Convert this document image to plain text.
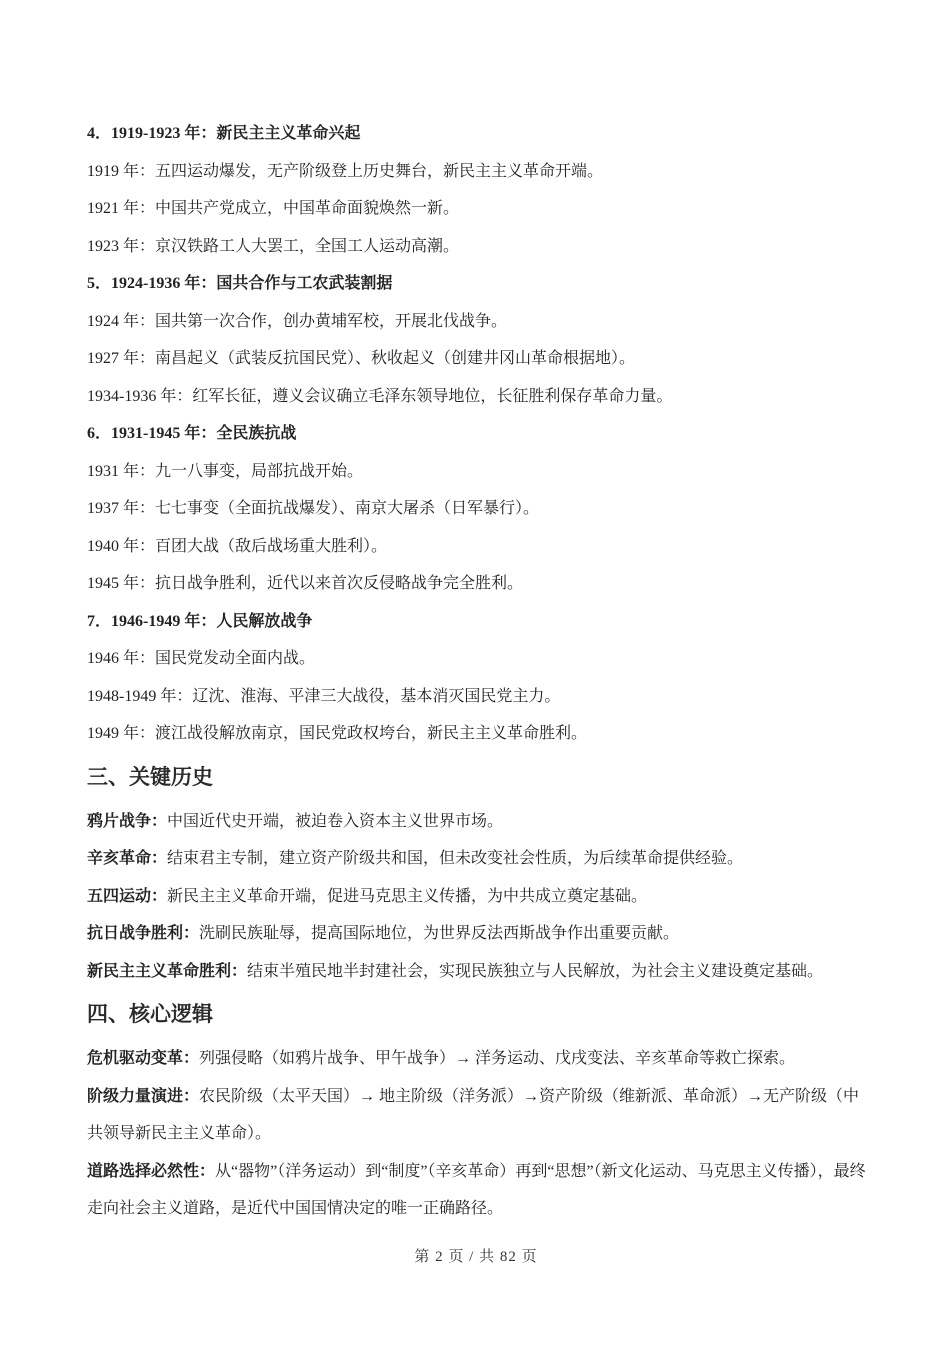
4．1919-1923 年：新民主主义革命兴起

1919 年：五四运动爆发，无产阶级登上历史舞台，新民主主义革命开端。

1921 年：中国共产党成立，中国革命面貌焕然一新。

1923 年：京汉铁路工人大罢工，全国工人运动高潮。

5．1924-1936 年：国共合作与工农武装割据

1924 年：国共第一次合作，创办黄埔军校，开展北伐战争。

1927 年：南昌起义（武装反抗国民党）、秋收起义（创建井冈山革命根据地）。

1934-1936 年：红军长征，遵义会议确立毛泽东领导地位，长征胜利保存革命力量。

6．1931-1945 年：全民族抗战

1931 年：九一八事变，局部抗战开始。

1937 年：七七事变（全面抗战爆发）、南京大屠杀（日军暴行）。

1940 年：百团大战（敌后战场重大胜利）。

1945 年：抗日战争胜利，近代以来首次反侵略战争完全胜利。

7．1946-1949 年：人民解放战争

1946 年：国民党发动全面内战。

1948-1949 年：辽沈、淮海、平津三大战役，基本消灭国民党主力。

1949 年：渡江战役解放南京，国民党政权垮台，新民主主义革命胜利。

三、关键历史

鸦片战争：中国近代史开端，被迫卷入资本主义世界市场。

辛亥革命：结束君主专制，建立资产阶级共和国，但未改变社会性质，为后续革命提供经验。

五四运动：新民主主义革命开端，促进马克思主义传播，为中共成立奠定基础。

抗日战争胜利：洗刷民族耻辱，提高国际地位，为世界反法西斯战争作出重要贡献。

新民主主义革命胜利：结束半殖民地半封建社会，实现民族独立与人民解放，为社会主义建设奠定基础。

四、核心逻辑

危机驱动变革：列强侵略（如鸦片战争、甲午战争）→ 洋务运动、戊戌变法、辛亥革命等救亡探索。

阶级力量演进：农民阶级（太平天国）→ 地主阶级（洋务派）→资产阶级（维新派、革命派）→无产阶级（中共领导新民主主义革命）。

道路选择必然性：从“器物”（洋务运动）到“制度”（辛亥革命）再到“思想”（新文化运动、马克思主义传播），最终走向社会主义道路，是近代中国国情决定的唯一正确路径。

第 2 页 / 共 82 页
